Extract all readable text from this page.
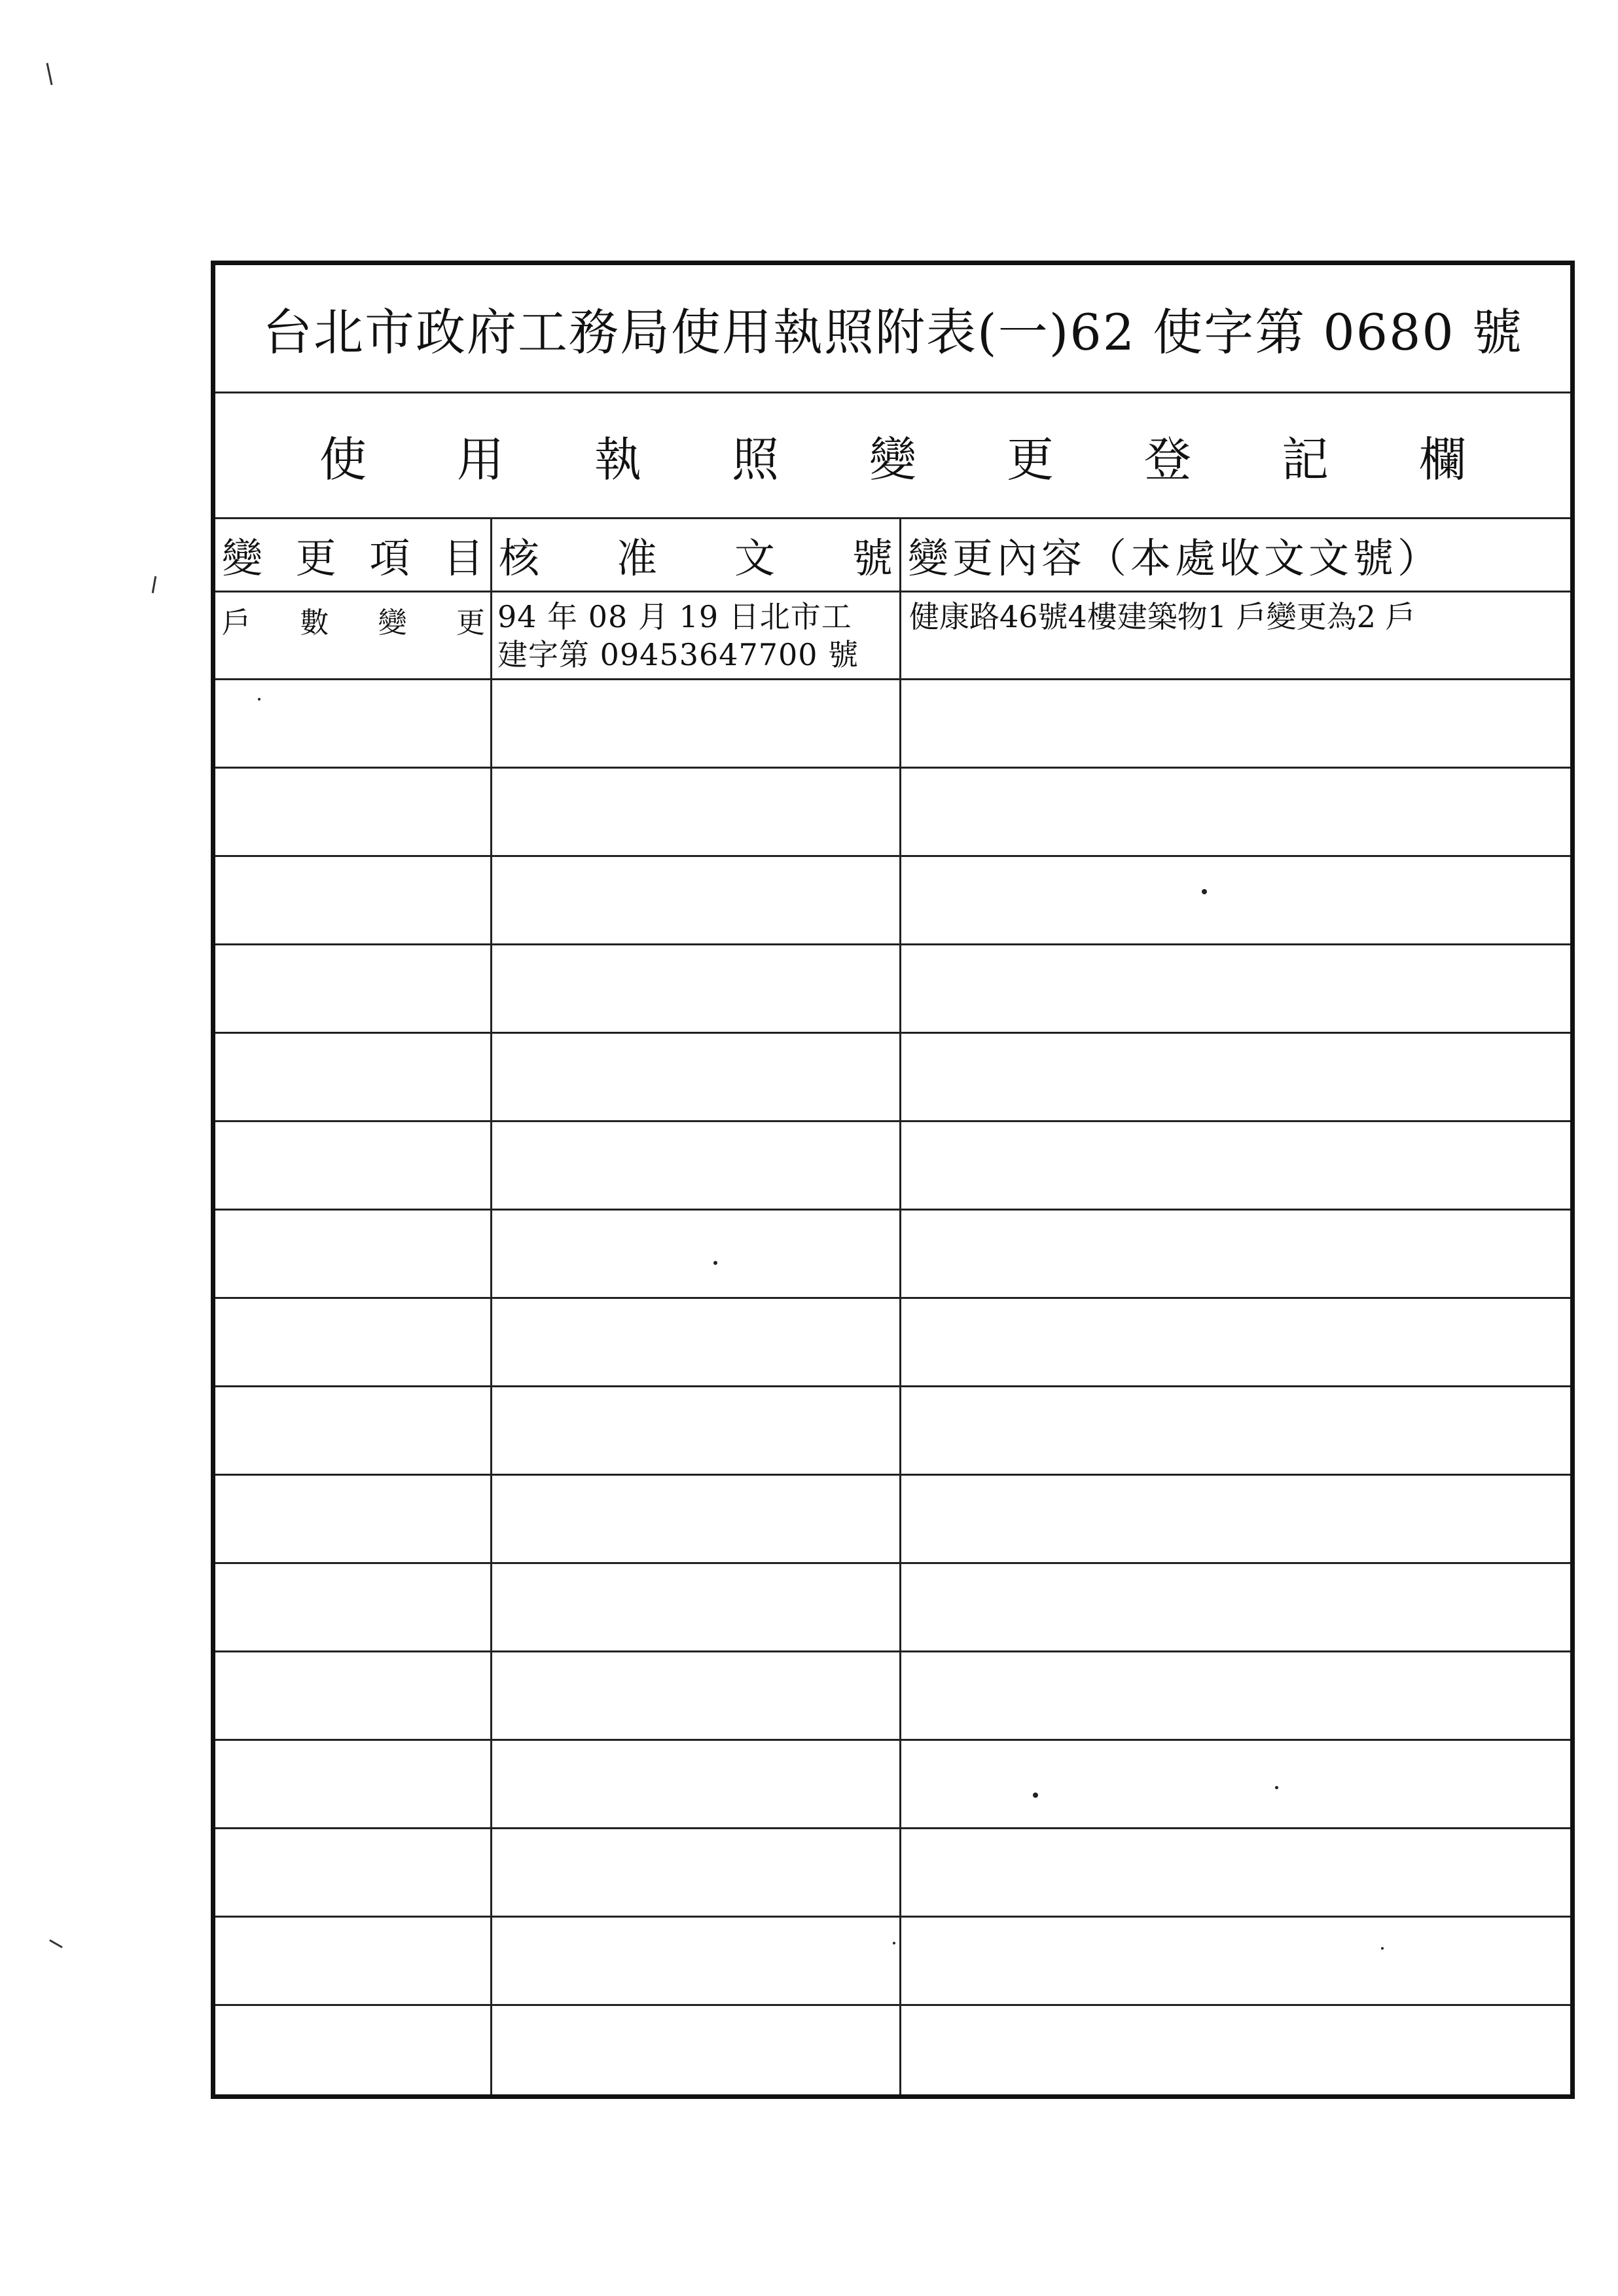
台北市政府工務局使用執照附表(一)62 使字第 0680 號
使 用 執 照 變 更 登 記 欄
變 更 項 目 核 准 文 號 變更內容（本處收文文號）
戶 數 變 更 94 年 08 月 19 日北市工
建字第 09453647700 號
健康路46號4樓建築物1 戶變更為2 戶
